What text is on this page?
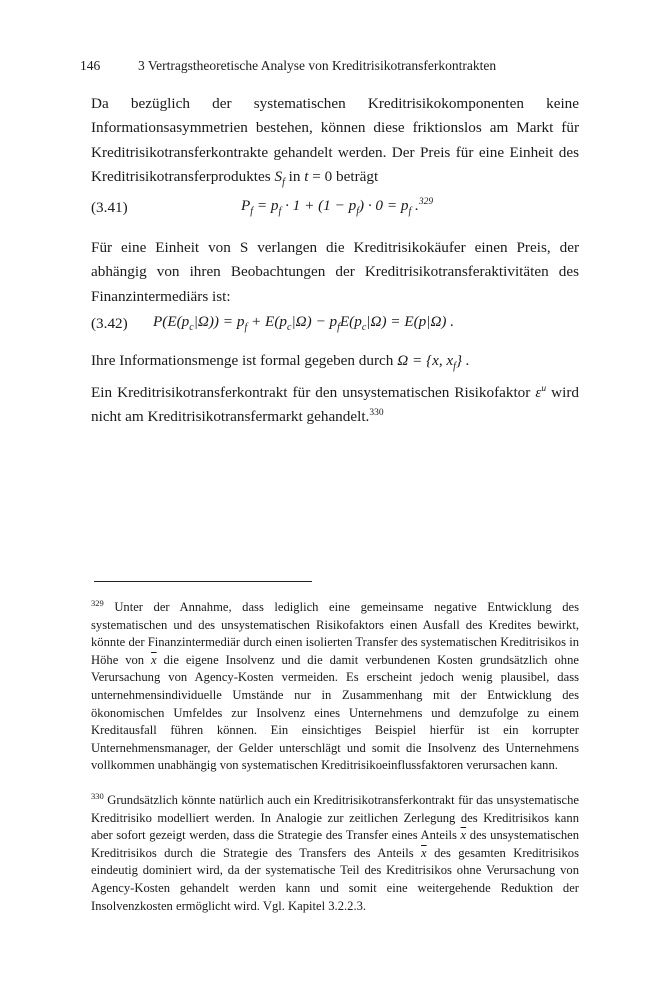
146	3 Vertragstheoretische Analyse von Kreditrisikotransferkontrakten

Da bezüglich der systematischen Kreditrisikokomponenten keine Informationsasymmetrien bestehen, können diese friktionslos am Markt für Kreditrisikotransferkontrakte gehandelt werden. Der Preis für eine Einheit des Kreditrisikotransferproduktes $S_f$ in t = 0 beträgt

(3.41)	$P_f = p_f \cdot 1 + (1 - p_f) \cdot 0 = p_f$ .$^{329}$

Für eine Einheit von S verlangen die Kreditrisikokäufer einen Preis, der abhängig von ihren Beobachtungen der Kreditrisikotransferaktivitäten des Finanzintermediärs ist:

(3.42) $P(E(p_c|\Omega)) = p_f + E(p_c|\Omega) - p_fE(p_c|\Omega) = E(p|\Omega)$ .

Ihre Informationsmenge ist formal gegeben durch Ω = {x, $x_f$} .

Ein Kreditrisikotransferkontrakt für den unsystematischen Risikofaktor $\varepsilon^u$ wird nicht am Kreditrisikotransfermarkt gehandelt.$^{330}$

$^{329}$ Unter der Annahme, dass lediglich eine gemeinsame negative Entwicklung des systematischen und des unsystematischen Risikofaktors einen Ausfall des Kredites bewirkt, könnte der Finanzintermediär durch einen isolierten Transfer des systematischen Kreditrisikos in Höhe von $\overline{x}$ die eigene Insolvenz und die damit verbundenen Kosten grundsätzlich ohne Verursachung von Agency-Kosten vermeiden. Es erscheint jedoch wenig plausibel, dass unternehmensindividuelle Umstände nur in Zusammenhang mit der Entwicklung des ökonomischen Umfeldes zur Insolvenz eines Unternehmens und demzufolge zu einem Kreditausfall führen können. Ein einsichtiges Beispiel hierfür ist ein korrupter Unternehmensmanager, der Gelder unterschlägt und somit die Insolvenz des Unternehmens vollkommen unabhängig von systematischen Kreditrisikoeinflussfaktoren verursachen kann.

$^{330}$ Grundsätzlich könnte natürlich auch ein Kreditrisikotransferkontrakt für das unsystematische Kreditrisiko modelliert werden. In Analogie zur zeitlichen Zerlegung des Kreditrisikos kann aber sofort gezeigt werden, dass die Strategie des Transfer eines Anteils $\overline{x}$ des unsystematischen Kreditrisikos durch die Strategie des Transfers des Anteils $\overline{x}$ des gesamten Kreditrisikos eindeutig dominiert wird, da der systematische Teil des Kreditrisikos ohne Verursachung von Agency-Kosten gehandelt werden kann und somit eine weitergehende Reduktion der Insolvenzkosten ermöglicht wird. Vgl. Kapitel 3.2.2.3.
